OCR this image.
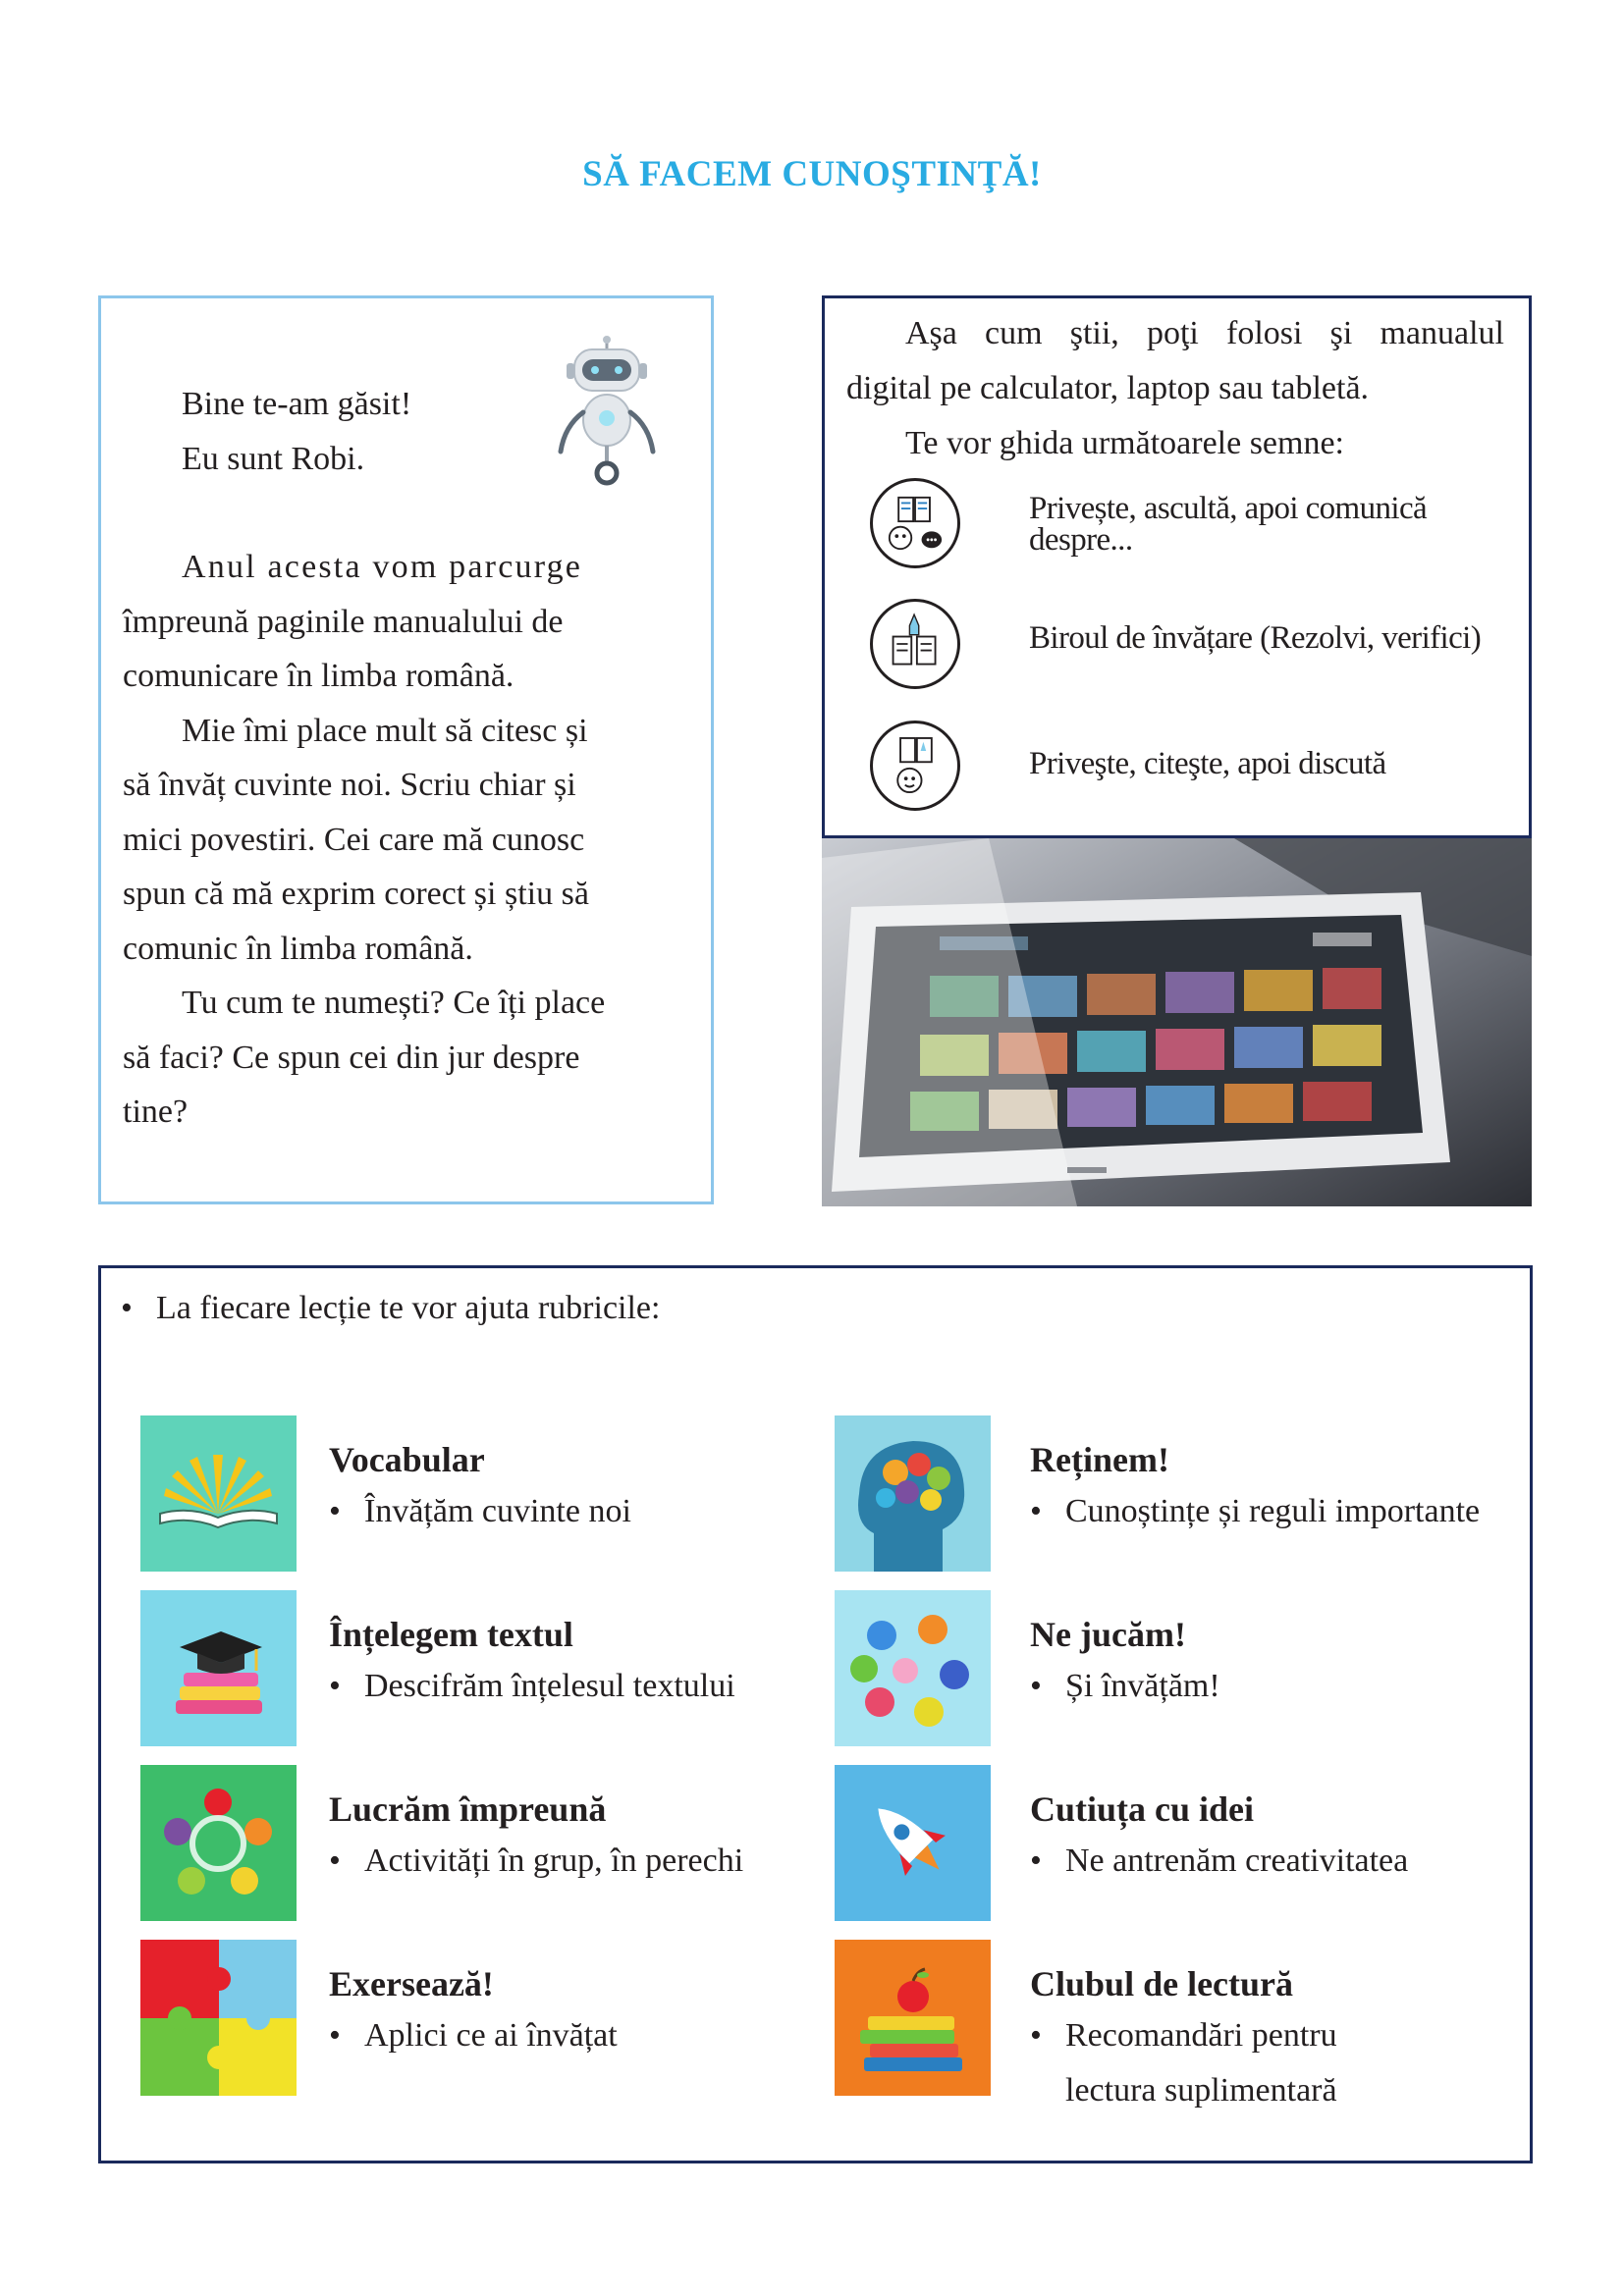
SĂ FACEM CUNOŞTINŢĂ!

Bine te-am găsit!

Eu sunt Robi.

Anul acesta vom parcurge

împreună paginile manualului de

comunicare în limba română.

Mie îmi place mult să citesc și

să învăț cuvinte noi. Scriu chiar și

mici povestiri. Cei care mă cunosc

spun că mă exprim corect și știu să

comunic în limba română.

Tu cum te numești? Ce îți place

să faci? Ce spun cei din jur despre

tine?

Aşa cum ştii, poţi folosi şi manualul

digital pe calculator, laptop sau tabletă.

Te vor ghida următoarele semne:

Privește, ascultă, apoi comunică
despre...
Biroul de învățare (Rezolvi, verifici)
Priveşte, citeşte, apoi discută
• La fiecare lecție te vor ajuta rubricile:
Vocabular
• Învățăm cuvinte noi
Reținem!
• Cunoștințe și reguli importante
Înțelegem textul
• Descifrăm înțelesul textului
Ne jucăm!
• Și învățăm!
Lucrăm împreună
• Activități în grup, în perechi
Cutiuța cu idei
• Ne antrenăm creativitatea
Exersează!
• Aplici ce ai învățat
Clubul de lectură
• Recomandări pentru
lectura suplimentară
